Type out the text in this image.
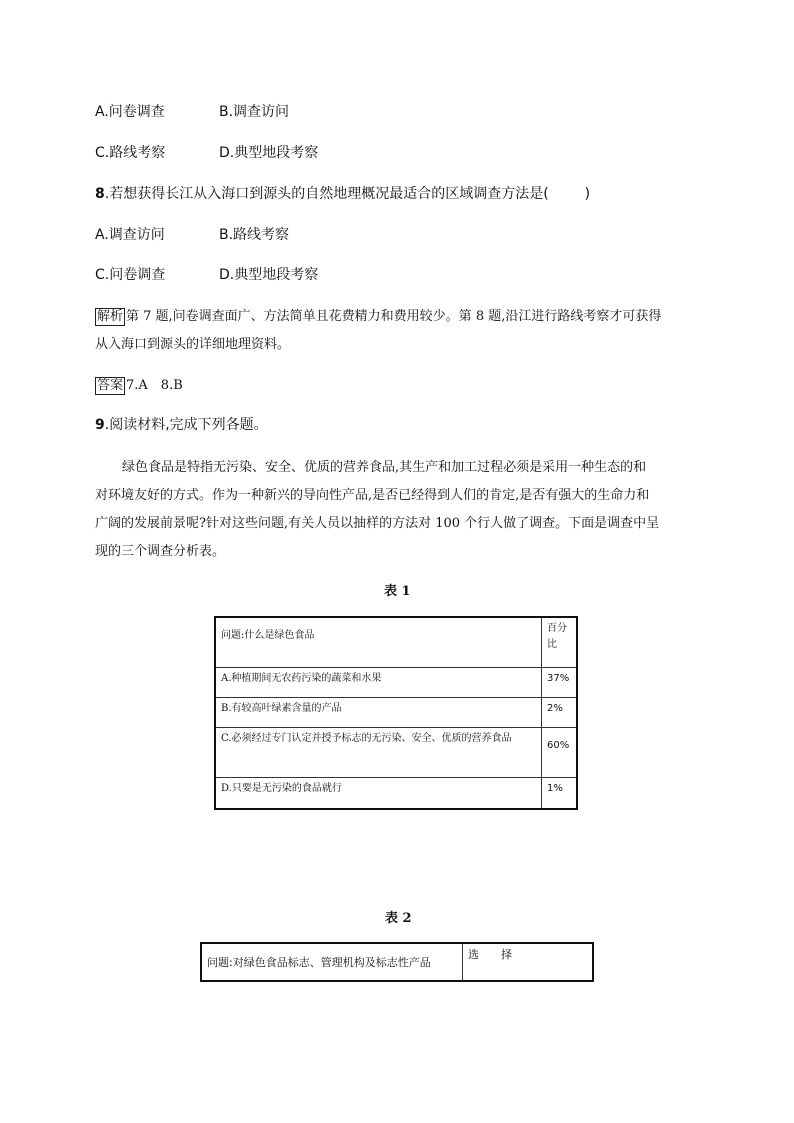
A.问卷调查	B.调查访问
C.路线考察	D.典型地段考察
8.若想获得长江从入海口到源头的自然地理概况最适合的区域调查方法是(	)
A.调查访问	B.路线考察
C.问卷调查	D.典型地段考察
解析 第 7 题,问卷调查面广、方法简单且花费精力和费用较少。第 8 题,沿江进行路线考察才可获得
从入海口到源头的详细地理资料。
答案 7.A　8.B
9.阅读材料,完成下列各题。
绿色食品是特指无污染、安全、优质的营养食品,其生产和加工过程必须是采用一种生态的和
对环境友好的方式。作为一种新兴的导向性产品,是否已经得到人们的肯定,是否有强大的生命力和
广阔的发展前景呢?针对这些问题,有关人员以抽样的方法对 100 个行人做了调查。下面是调查中呈
现的三个调查分析表。
表 1
问题:什么是绿色食品	百分比
A.种植期间无农药污染的蔬菜和水果	37%
B.有较高叶绿素含量的产品	2%
C.必须经过专门认定并授予标志的无污染、安全、优质的营养食品	60%
D.只要是无污染的食品就行	1%
表 2
问题:对绿色食品标志、管理机构及标志性产品	选　　择
